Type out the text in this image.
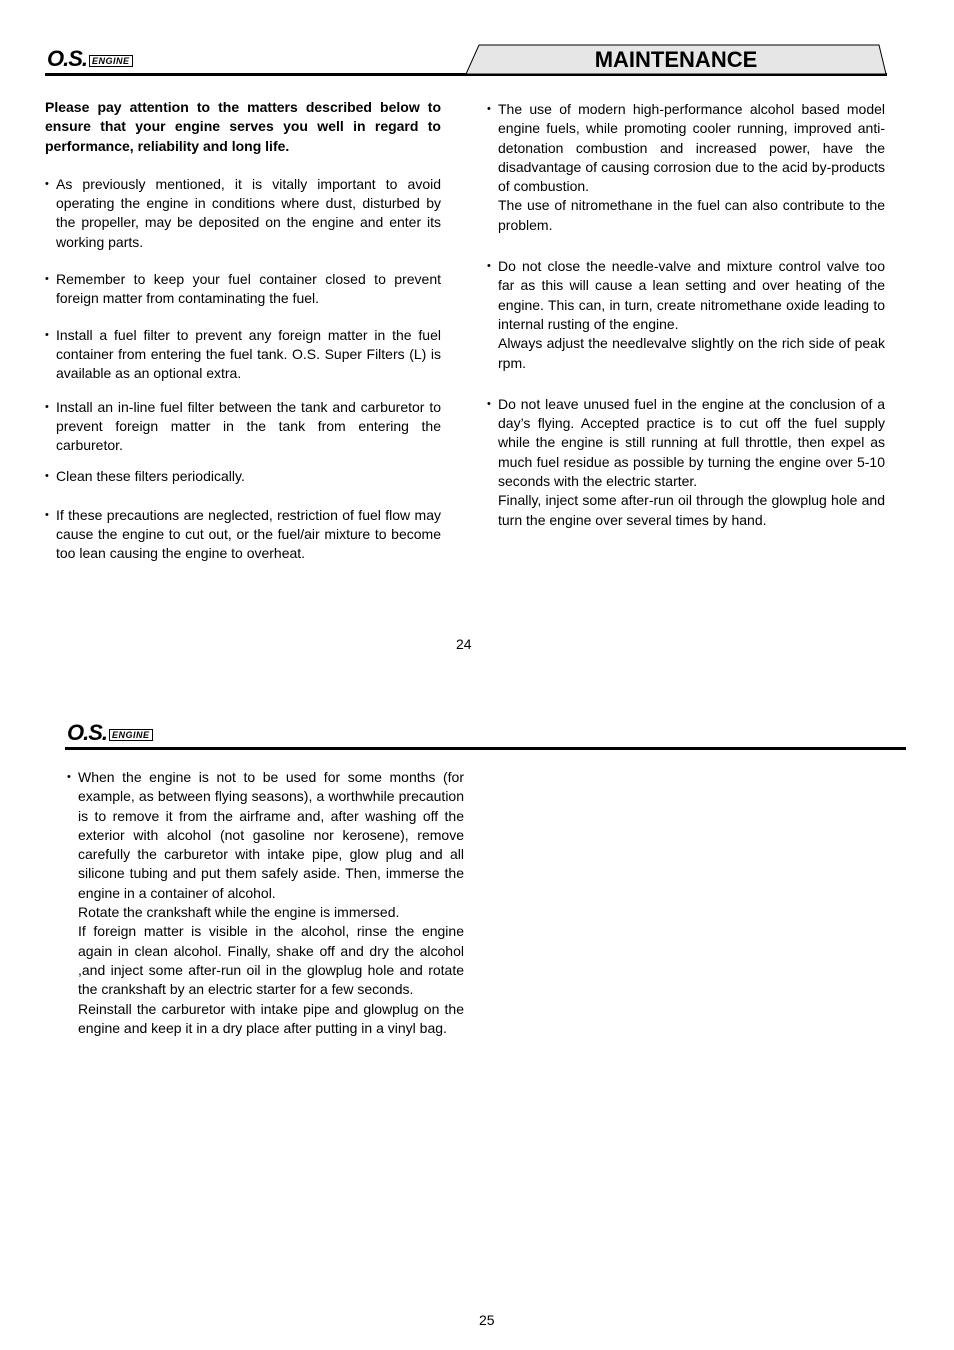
O.S. ENGINE	MAINTENANCE

Please pay attention to the matters described below to ensure that your engine serves you well in regard to performance, reliability and long life.

• As previously mentioned, it is vitally important to avoid operating the engine in conditions where dust, disturbed by the propeller, may be deposited on the engine and enter its working parts.

• Remember to keep your fuel container closed to prevent foreign matter from contaminating the fuel.

• Install a fuel filter to prevent any foreign matter in the fuel container from entering the fuel tank. O.S. Super Filters (L) is available as an optional extra.

• Install an in-line fuel filter between the tank and carburetor to prevent foreign matter in the tank from entering the carburetor.

• Clean these filters periodically.

• If these precautions are neglected, restriction of fuel flow may cause the engine to cut out, or the fuel/air mixture to become too lean causing the engine to overheat.

• The use of modern high-performance alcohol based model engine fuels, while promoting cooler running, improved anti-detonation combustion and increased power, have the disadvantage of causing corrosion due to the acid by-products of combustion.

The use of nitromethane in the fuel can also contribute to the problem.

• Do not close the needle-valve and mixture control valve too far as this will cause a lean setting and over heating of the engine. This can, in turn, create nitromethane oxide leading to internal rusting of the engine.

Always adjust the needlevalve slightly on the rich side of peak rpm.

• Do not leave unused fuel in the engine at the conclusion of a day’s flying. Accepted practice is to cut off the fuel supply while the engine is still running at full throttle, then expel as much fuel residue as possible by turning the engine over 5-10 seconds with the electric starter.

Finally, inject some after-run oil through the glowplug hole and turn the engine over several times by hand.

24
O.S. ENGINE

• When the engine is not to be used for some months (for example, as between flying seasons), a worthwhile precaution is to remove it from the airframe and, after washing off the exterior with alcohol (not gasoline nor kerosene), remove carefully the carburetor with intake pipe, glow plug and all silicone tubing and put them safely aside. Then, immerse the engine in a container of alcohol.

Rotate the crankshaft while the engine is immersed.

If foreign matter is visible in the alcohol, rinse the engine again in clean alcohol. Finally, shake off and dry the alcohol ,and inject some after-run oil in the glowplug hole and rotate the crankshaft by an electric starter for a few seconds.

Reinstall the carburetor with intake pipe and glowplug on the engine and keep it in a dry place after putting in a vinyl bag.

25
